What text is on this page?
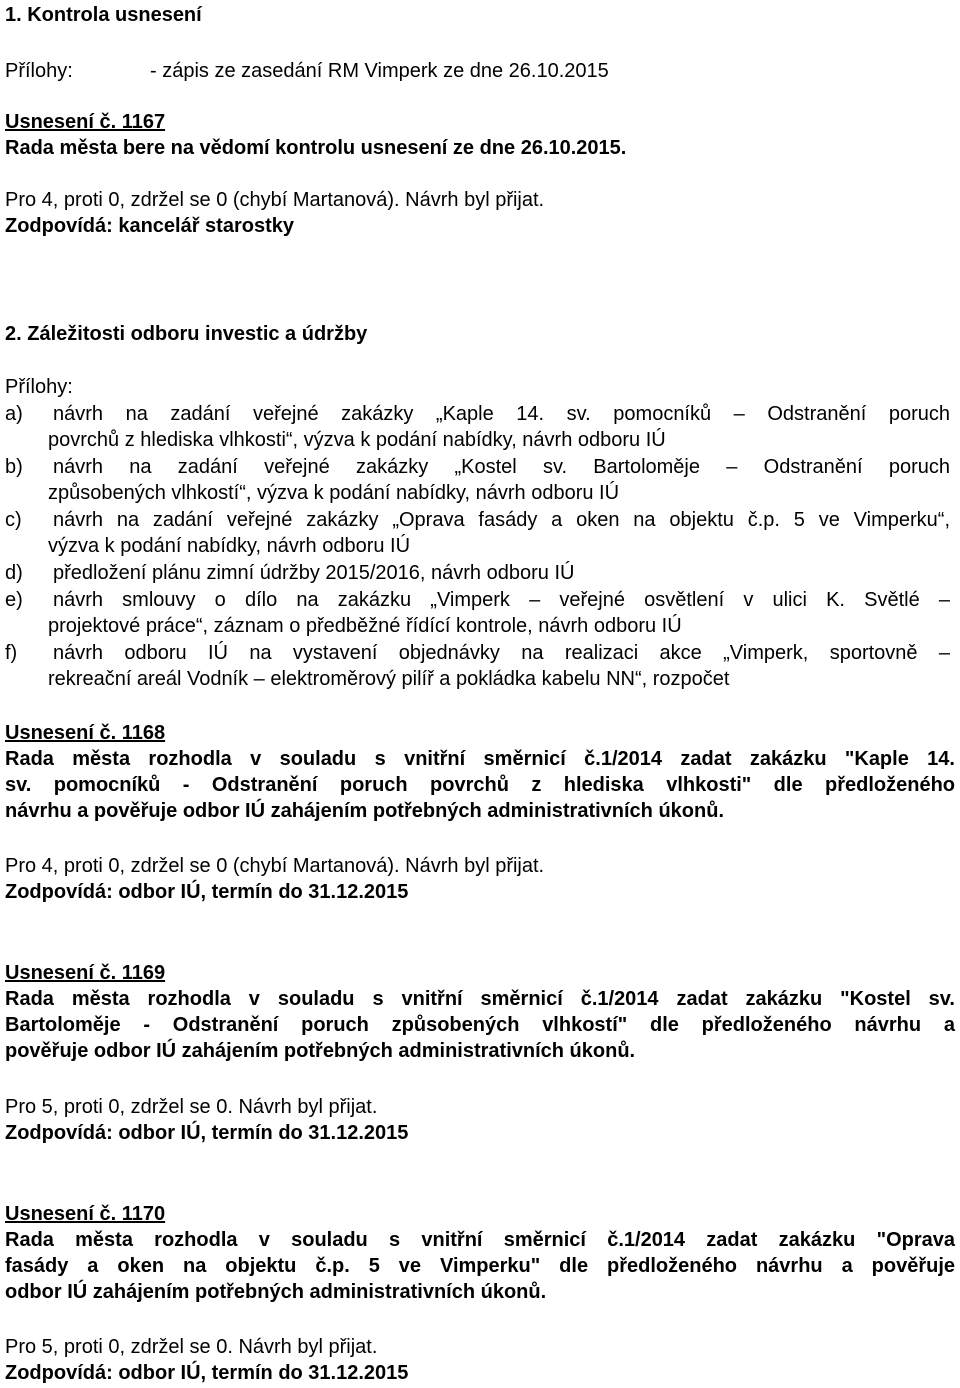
1. Kontrola usnesení
Přílohy:	- zápis ze zasedání RM Vimperk ze dne 26.10.2015
Usnesení č. 1167
Rada města bere na vědomí kontrolu usnesení ze dne 26.10.2015.
Pro 4, proti 0, zdržel se 0 (chybí Martanová). Návrh byl přijat.
Zodpovídá: kancelář starostky
2. Záležitosti odboru investic a údržby
Přílohy:
a) návrh na zadání veřejné zakázky „Kaple 14. sv. pomocníků – Odstranění poruch
povrchů z hlediska vlhkosti“, výzva k podání nabídky, návrh odboru IÚ
b) návrh na zadání veřejné zakázky „Kostel sv. Bartoloměje – Odstranění poruch
způsobených vlhkostí“, výzva k podání nabídky, návrh odboru IÚ
c) návrh na zadání veřejné zakázky „Oprava fasády a oken na objektu č.p. 5 ve Vimperku“,
výzva k podání nabídky, návrh odboru IÚ
d) předložení plánu zimní údržby 2015/2016, návrh odboru IÚ
e) návrh smlouvy o dílo na zakázku „Vimperk – veřejné osvětlení v ulici K. Světlé –
projektové práce“, záznam o předběžné řídící kontrole, návrh odboru IÚ
f) návrh odboru IÚ na vystavení objednávky na realizaci akce „Vimperk, sportovně –
rekreační areál Vodník – elektroměrový pilíř a pokládka kabelu NN“, rozpočet
Usnesení č. 1168
Rada města rozhodla v souladu s vnitřní směrnicí č.1/2014 zadat zakázku "Kaple 14.
sv. pomocníků - Odstranění poruch povrchů z hlediska vlhkosti" dle předloženého
návrhu a pověřuje odbor IÚ zahájením potřebných administrativních úkonů.
Pro 4, proti 0, zdržel se 0 (chybí Martanová). Návrh byl přijat.
Zodpovídá: odbor IÚ, termín do 31.12.2015
Usnesení č. 1169
Rada města rozhodla v souladu s vnitřní směrnicí č.1/2014 zadat zakázku "Kostel sv.
Bartoloměje - Odstranění poruch způsobených vlhkostí" dle předloženého návrhu a
pověřuje odbor IÚ zahájením potřebných administrativních úkonů.
Pro 5, proti 0, zdržel se 0. Návrh byl přijat.
Zodpovídá: odbor IÚ, termín do 31.12.2015
Usnesení č. 1170
Rada města rozhodla v souladu s vnitřní směrnicí č.1/2014 zadat zakázku "Oprava
fasády a oken na objektu č.p. 5 ve Vimperku" dle předloženého návrhu a pověřuje
odbor IÚ zahájením potřebných administrativních úkonů.
Pro 5, proti 0, zdržel se 0. Návrh byl přijat.
Zodpovídá: odbor IÚ, termín do 31.12.2015
